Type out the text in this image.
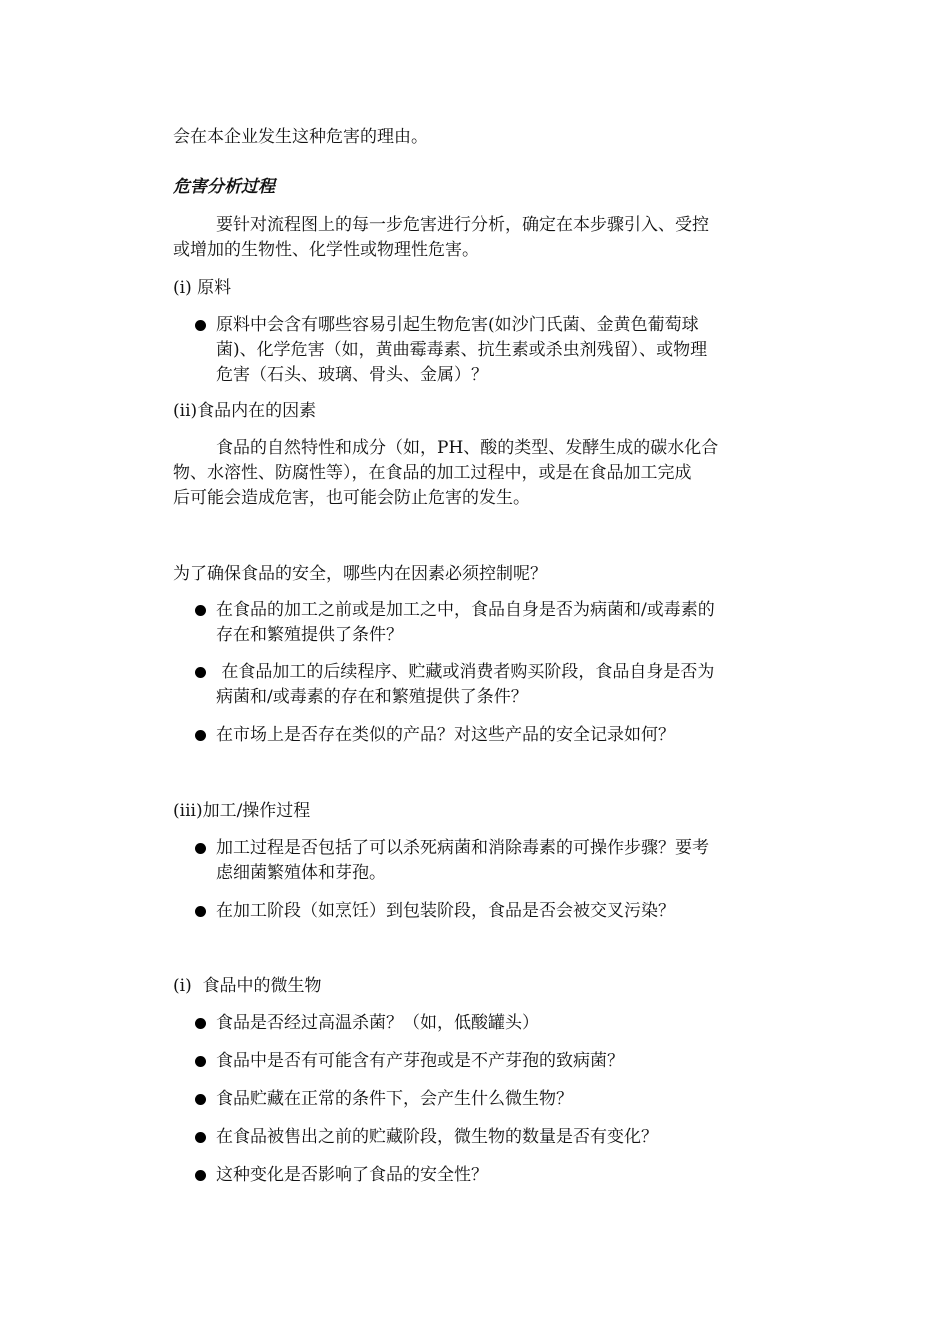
会在本企业发生这种危害的理由。

危害分析过程

要针对流程图上的每一步危害进行分析，确定在本步骤引入、受控

或增加的生物性、化学性或物理性危害。

(i) 原料

原料中会含有哪些容易引起生物危害(如沙门氏菌、金黄色葡萄球
菌)、化学危害（如，黄曲霉毒素、抗生素或杀虫剂残留）、或物理
危害（石头、玻璃、骨头、金属）？

(ii)食品内在的因素

食品的自然特性和成分（如，PH、酸的类型、发酵生成的碳水化合

物、水溶性、防腐性等），在食品的加工过程中，或是在食品加工完成

后可能会造成危害，也可能会防止危害的发生。

为了确保食品的安全，哪些内在因素必须控制呢？

在食品的加工之前或是加工之中，食品自身是否为病菌和/或毒素的
存在和繁殖提供了条件？
在食品加工的后续程序、贮藏或消费者购买阶段，食品自身是否为
病菌和/或毒素的存在和繁殖提供了条件？
在市场上是否存在类似的产品？对这些产品的安全记录如何？

(iii)加工/操作过程

加工过程是否包括了可以杀死病菌和消除毒素的可操作步骤？要考
虑细菌繁殖体和芽孢。
在加工阶段（如烹饪）到包装阶段，食品是否会被交叉污染？

(i)  食品中的微生物

食品是否经过高温杀菌？（如，低酸罐头）
食品中是否有可能含有产芽孢或是不产芽孢的致病菌？
食品贮藏在正常的条件下，会产生什么微生物？
在食品被售出之前的贮藏阶段，微生物的数量是否有变化？
这种变化是否影响了食品的安全性？
